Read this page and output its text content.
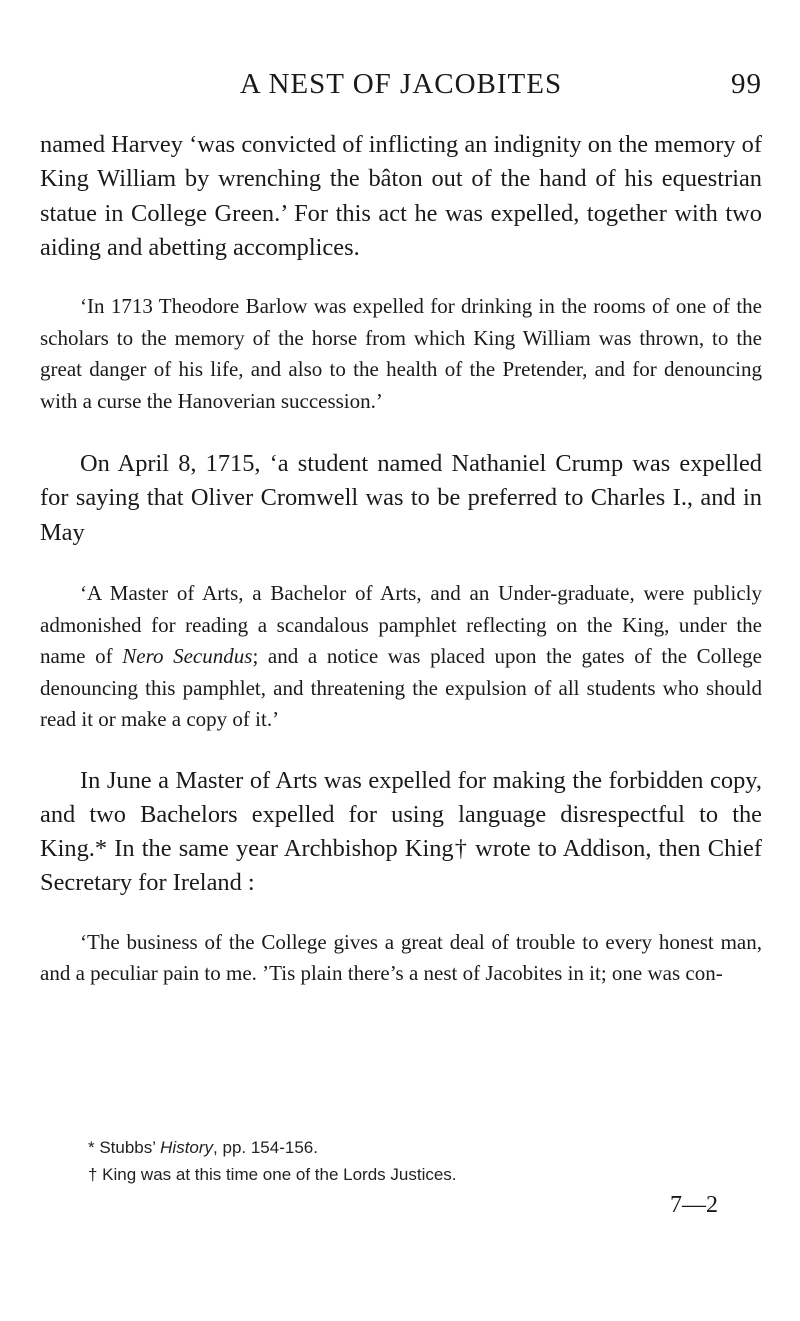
A NEST OF JACOBITES	99

named Harvey ‘was convicted of inflicting an indignity on the memory of King William by wrenching the bâton out of the hand of his equestrian statue in College Green.’ For this act he was expelled, together with two aiding and abetting accomplices.

‘In 1713 Theodore Barlow was expelled for drinking in the rooms of one of the scholars to the memory of the horse from which King William was thrown, to the great danger of his life, and also to the health of the Pretender, and for denouncing with a curse the Hanoverian succession.’

On April 8, 1715, ‘a student named Nathaniel Crump was expelled for saying that Oliver Cromwell was to be preferred to Charles I., and in May

‘A Master of Arts, a Bachelor of Arts, and an Under-graduate, were publicly admonished for reading a scandalous pamphlet reflecting on the King, under the name of Nero Secundus; and a notice was placed upon the gates of the College denouncing this pamphlet, and threatening the expulsion of all students who should read it or make a copy of it.’

In June a Master of Arts was expelled for making the forbidden copy, and two Bachelors expelled for using language disrespectful to the King.* In the same year Archbishop King† wrote to Addison, then Chief Secretary for Ireland :

‘The business of the College gives a great deal of trouble to every honest man, and a peculiar pain to me. ’Tis plain there’s a nest of Jacobites in it; one was con-

* Stubbs’ History, pp. 154-156.
† King was at this time one of the Lords Justices.
7—2
